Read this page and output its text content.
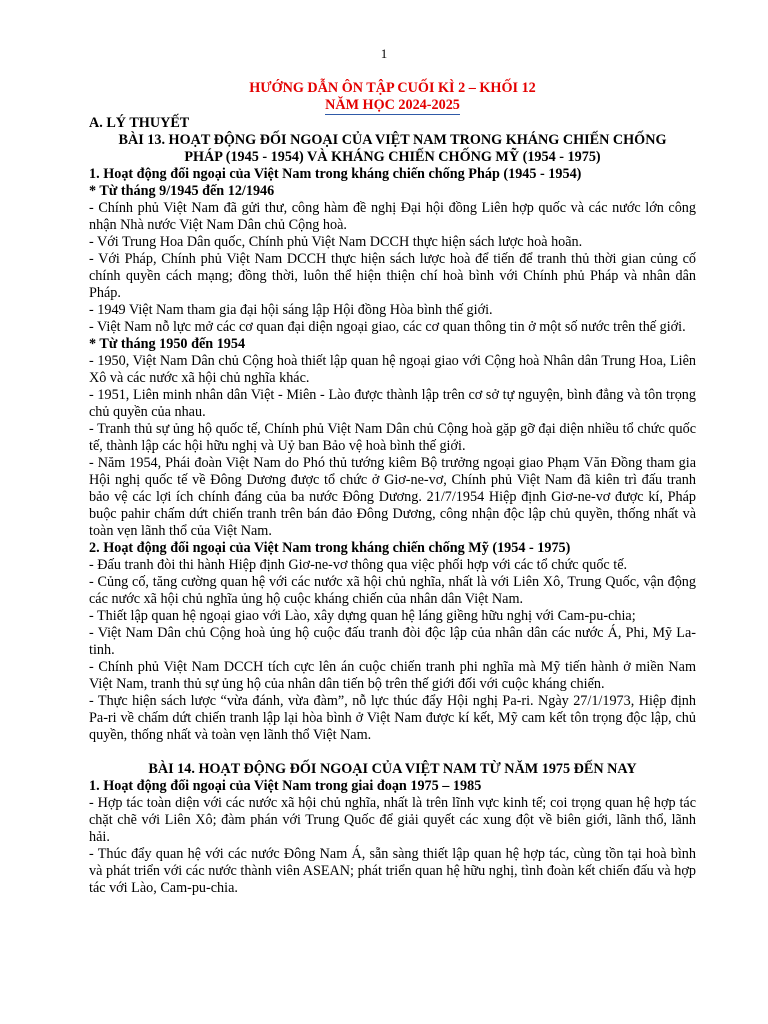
1
HƯỚNG DẪN ÔN TẬP CUỐI KÌ 2 – KHỐI 12
NĂM HỌC 2024-2025
A. LÝ THUYẾT
BÀI 13. HOẠT ĐỘNG ĐỐI NGOẠI CỦA VIỆT NAM TRONG KHÁNG CHIẾN CHỐNG
PHÁP (1945 - 1954) VÀ KHÁNG CHIẾN CHỐNG MỸ (1954 - 1975)
1. Hoạt động đối ngoại của Việt Nam trong kháng chiến chống Pháp (1945 - 1954)
* Từ tháng 9/1945 đến 12/1946
- Chính phủ Việt Nam đã gửi thư, công hàm đề nghị Đại hội đồng Liên hợp quốc và các nước lớn công nhận Nhà nước Việt Nam Dân chủ Cộng hoà.
- Với Trung Hoa Dân quốc, Chính phủ Việt Nam DCCH thực hiện sách lược hoà hoãn.
- Với Pháp, Chính phủ Việt Nam DCCH thực hiện sách lược hoà để tiến để tranh thủ thời gian củng cố chính quyền cách mạng; đồng thời, luôn thể hiện thiện chí hoà bình với Chính phủ Pháp và nhân dân Pháp.
- 1949 Việt Nam tham gia đại hội sáng lập Hội đồng Hòa bình thế giới.
- Việt Nam nỗ lực mở các cơ quan đại diện ngoại giao, các cơ quan thông tin ở một số nước trên thế giới.
* Từ tháng 1950 đến 1954
- 1950, Việt Nam Dân chủ Cộng hoà thiết lập quan hệ ngoại giao với Cộng hoà Nhân dân Trung Hoa, Liên Xô và các nước xã hội chủ nghĩa khác.
- 1951, Liên minh nhân dân Việt - Miên - Lào được thành lập trên cơ sở tự nguyện, bình đẳng và tôn trọng chủ quyền của nhau.
- Tranh thủ sự ủng hộ quốc tế, Chính phủ Việt Nam Dân chủ Cộng hoà gặp gỡ đại diện nhiều tổ chức quốc tế, thành lập các hội hữu nghị và Uỷ ban Bảo vệ hoà bình thế giới.
- Năm 1954, Phái đoàn Việt Nam do Phó thủ tướng kiêm Bộ trưởng ngoại giao Phạm Văn Đồng tham gia Hội nghị quốc tế về Đông Dương được tổ chức ở Giơ-ne-vơ, Chính phủ Việt Nam đã kiên trì đấu tranh bảo vệ các lợi ích chính đáng của ba nước Đông Dương. 21/7/1954 Hiệp định Giơ-ne-vơ được kí, Pháp buộc pahir chấm dứt chiến tranh trên bán đảo Đông Dương, công nhận độc lập chủ quyền, thống nhất và toàn vẹn lãnh thổ của Việt Nam.
2. Hoạt động đối ngoại của Việt Nam trong kháng chiến chống Mỹ (1954 - 1975)
- Đấu tranh đòi thi hành Hiệp định Giơ-ne-vơ thông qua việc phối hợp với các tổ chức quốc tế.
- Củng cố, tăng cường quan hệ với các nước xã hội chủ nghĩa, nhất là với Liên Xô, Trung Quốc, vận động các nước xã hội chủ nghĩa ủng hộ cuộc kháng chiến của nhân dân Việt Nam.
- Thiết lập quan hệ ngoại giao với Lào, xây dựng quan hệ láng giềng hữu nghị với Cam-pu-chia;
- Việt Nam Dân chủ Cộng hoà ủng hộ cuộc đấu tranh đòi độc lập của nhân dân các nước Á, Phi, Mỹ La-tinh.
- Chính phủ Việt Nam DCCH tích cực lên án cuộc chiến tranh phi nghĩa mà Mỹ tiến hành ở miền Nam Việt Nam, tranh thủ sự ủng hộ của nhân dân tiến bộ trên thế giới đối với cuộc kháng chiến.
- Thực hiện sách lược “vừa đánh, vừa đàm”, nỗ lực thúc đẩy Hội nghị Pa-ri. Ngày 27/1/1973, Hiệp định Pa-ri về chấm dứt chiến tranh lập lại hòa bình ở Việt Nam được kí kết, Mỹ cam kết tôn trọng độc lập, chủ quyền, thống nhất và toàn vẹn lãnh thổ Việt Nam.
BÀI 14. HOẠT ĐỘNG ĐỐI NGOẠI CỦA VIỆT NAM TỪ NĂM 1975 ĐẾN NAY
1. Hoạt động đối ngoại của Việt Nam trong giai đoạn 1975 – 1985
- Hợp tác toàn diện với các nước xã hội chủ nghĩa, nhất là trên lĩnh vực kinh tế; coi trọng quan hệ hợp tác chặt chẽ với Liên Xô; đàm phán với Trung Quốc để giải quyết các xung đột về biên giới, lãnh thổ, lãnh hải.
- Thúc đẩy quan hệ với các nước Đông Nam Á, sẵn sàng thiết lập quan hệ hợp tác, cùng tồn tại hoà bình và phát triển với các nước thành viên ASEAN; phát triển quan hệ hữu nghị, tình đoàn kết chiến đấu và hợp tác với Lào, Cam-pu-chia.
